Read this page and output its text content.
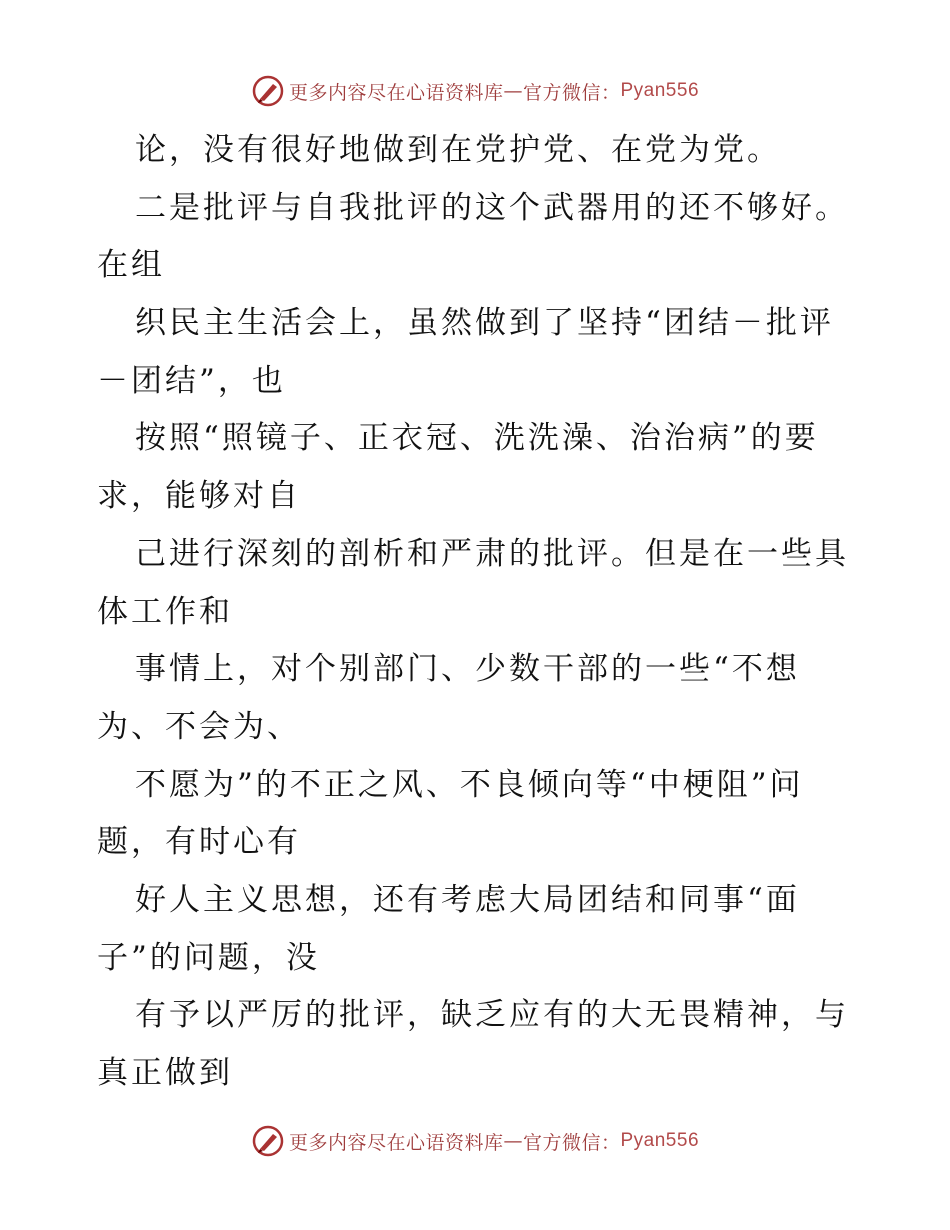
更多内容尽在心语资料库 — 官方微信： Pyan556
论，没有很好地做到在党护党、在党为党。
二是批评与自我批评的这个武器用的还不够好。
在组
织民主生活会上，虽然做到了坚持“团结－批评
－团结”，也
按照“照镜子、正衣冠、洗洗澡、治治病”的要
求，能够对自
己进行深刻的剖析和严肃的批评。但是在一些具
体工作和
事情上，对个别部门、少数干部的一些“不想
为、不会为、
不愿为”的不正之风、不良倾向等“中梗阻”问
题，有时心有
好人主义思想，还有考虑大局团结和同事“面
子”的问题，没
有予以严厉的批评，缺乏应有的大无畏精神，与
真正做到
更多内容尽在心语资料库 — 官方微信： Pyan556
